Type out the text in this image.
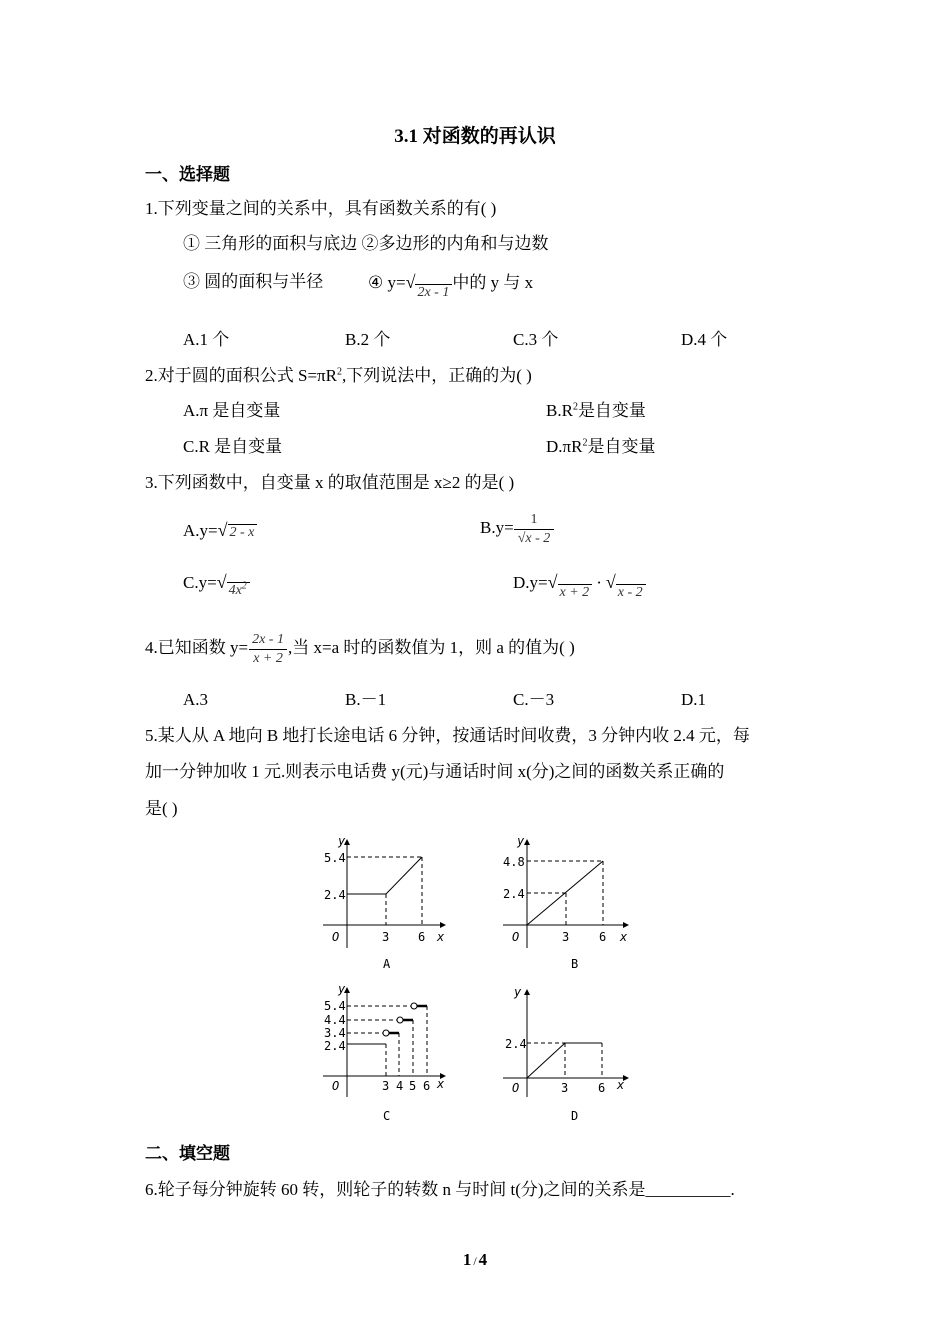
3.1 对函数的再认识
一、选择题
1.下列变量之间的关系中，具有函数关系的有( )
① 三角形的面积与底边 ②多边形的内角和与边数
③ 圆的面积与半径	④ y=√2x - 1中的 y 与 x
A.1 个	B.2 个	C.3 个	D.4 个
2.对于圆的面积公式 $S=\pi R^2$,下列说法中，正确的为( )
A.π 是自变量	$B.R^2$是自变量
C.R 是自变量	$D.\pi R^2$是自变量
3.下列函数中，自变量 x 的取值范围是 x≥2 的是( )
A.y=√ 2 - x	$B.y= \frac{1}{√x - 2}$
C.y=√ $4x^2$	D.y=√x + 2· √x - 2
4.已知函数 $y= \frac{2x - 1}{x + 2}$ ,当 x=a 时的函数值为 1，则 a 的值为( )
A.3	B.－1	C.－3	D.1
5.某人从 A 地向 B 地打长途电话 6 分钟，按通话时间收费，3 分钟内收 2.4 元，每
加一分钟加收 1 元.则表示电话费 y(元)与通话时间 x(分)之间的函数关系正确的
是( )
y
5.4
2.4
O	3 6 x
A
y
4.8
2.4
O	3 6 x
B
y
5.4
4.4
3.4
2.4
O	3 4 5 6 x
C
y
2.4
O	3 6 x
D
二、填空题
6.轮子每分钟旋转 60 转，则轮子的转数 n 与时间 t(分)之间的关系是__________.
1 / 4
